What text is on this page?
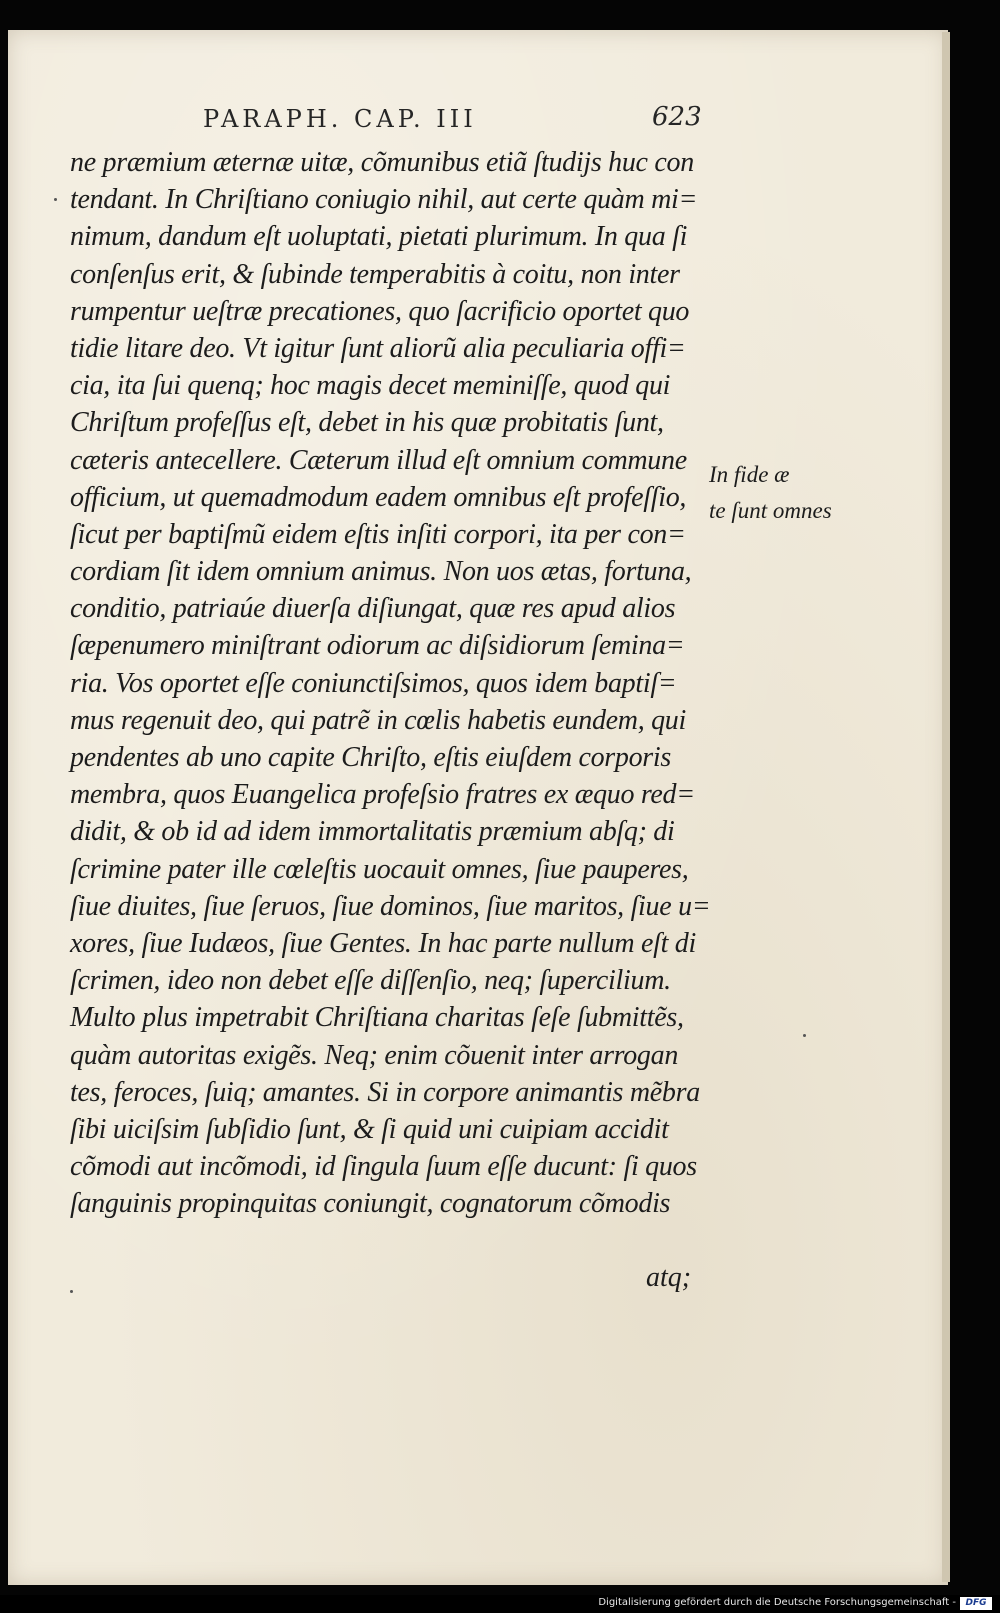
PARAPH. CAP. III	623
ne præmium æternæ uitæ, cõmunibus etiã ſtudijs huc con
tendant. In Chriſtiano coniugio nihil, aut certe quàm mi=
nimum, dandum eſt uoluptati, pietati plurimum. In qua ſi
conſenſus erit, & ſubinde temperabitis à coitu, non inter
rumpentur ueſtræ precationes, quo ſacrificio oportet quo
tidie litare deo. Vt igitur ſunt aliorũ alia peculiaria offi=
cia, ita ſui quenq; hoc magis decet meminiſſe, quod qui
Chriſtum profeſſus eſt, debet in his quæ probitatis ſunt,
cæteris antecellere. Cæterum illud eſt omnium commune
officium, ut quemadmodum eadem omnibus eſt profeſſio,
ſicut per baptiſmũ eidem eſtis inſiti corpori, ita per con=
cordiam ſit idem omnium animus. Non uos ætas, fortuna,
conditio, patriaúe diuerſa diſiungat, quæ res apud alios
ſæpenumero miniſtrant odiorum ac diſsidiorum ſemina=
ria. Vos oportet eſſe coniunctiſsimos, quos idem baptiſ=
mus regenuit deo, qui patrẽ in cœlis habetis eundem, qui
pendentes ab uno capite Chriſto, eſtis eiuſdem corporis
membra, quos Euangelica profeſsio fratres ex æquo red=
didit, & ob id ad idem immortalitatis præmium abſq; di
ſcrimine pater ille cœleſtis uocauit omnes, ſiue pauperes,
ſiue diuites, ſiue ſeruos, ſiue dominos, ſiue maritos, ſiue u=
xores, ſiue Iudæos, ſiue Gentes. In hac parte nullum eſt di
ſcrimen, ideo non debet eſſe diſſenſio, neq; ſupercilium.
Multo plus impetrabit Chriſtiana charitas ſeſe ſubmittẽs,
quàm autoritas exigẽs. Neq; enim cõuenit inter arrogan
tes, feroces, ſuiq; amantes. Si in corpore animantis mẽbra
ſibi uiciſsim ſubſidio ſunt, & ſi quid uni cuipiam accidit
cõmodi aut incõmodi, id ſingula ſuum eſſe ducunt: ſi quos
ſanguinis propinquitas coniungit, cognatorum cõmodis
In fide æ
te ſunt omnes
atq;
Digitalisierung gefördert durch die Deutsche Forschungsgemeinschaft -	DFG
